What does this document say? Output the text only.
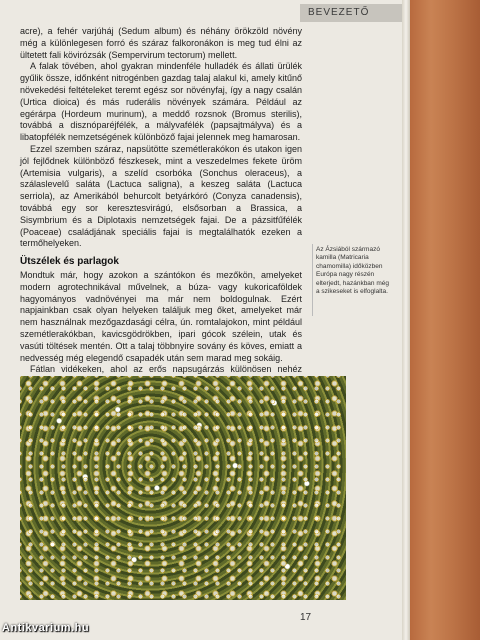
BEVEZETŐ

acre), a fehér varjúháj (Sedum album) és néhány örökzöld növény még a különlegesen forró és száraz falkoronákon is meg tud élni az ültetett fali kövirózsák (Sempervirum tectorum) mellett.

A falak tövében, ahol gyakran mindenféle hulladék és állati ürülék gyűlik össze, időnként nitrogénben gazdag talaj alakul ki, amely kitűnő növekedési feltételeket teremt egész sor növényfaj, így a nagy csalán (Urtica dioica) és más ruderális növények számára. Például az egérárpa (Hordeum murinum), a meddő rozsnok (Bromus sterilis), továbbá a disznóparéjfélék, a mályvafélék (papsajtmályva) és a libatopfélék nemzetségének különböző fajai jelennek meg hamarosan.

Ezzel szemben száraz, napsütötte szemétlerakókon és utakon igen jól fejlődnek különböző fészkesek, mint a veszedelmes fekete üröm (Artemisia vulgaris), a szelíd csorbóka (Sonchus oleraceus), a szálaslevelű saláta (Lactuca saligna), a keszeg saláta (Lactuca serriola), az Amerikából behurcolt betyárkóró (Conyza canadensis), továbbá egy sor keresztesvirágú, elsősorban a Brassica, a Sisymbrium és a Diplotaxis nemzetségek fajai. De a pázsitfűfélék (Poaceae) családjának speciális fajai is megtalálhatók ezeken a termőhelyeken.

Ütszélek és parlagok

Mondtuk már, hogy azokon a szántókon és mezőkön, amelyeket modern agrotechnikával művelnek, a búza- vagy kukoricaföldek hagyományos vadnövényei ma már nem boldogulnak. Ezért napjainkban csak olyan helyeken találjuk meg őket, amelyeket már nem használnak mezőgazdasági célra, ún. romtalajokon, mint például szemétlerakókban, kavicsgödrökben, ipari gócok szélein, utak és vasúti töltések mentén. Ott a talaj többnyire sovány és köves, emiatt a nedvesség még elegendő csapadék után sem marad meg sokáig.

Fátlan vidékeken, ahol az erős napsugárzás különösen nehéz

Az Ázsiából származó kamilla (Matricaria chamomilla) időközben Európa nagy részén elterjedt, hazánkban még a szikeseket is elfoglalta.
17
Antikvarium.hu
